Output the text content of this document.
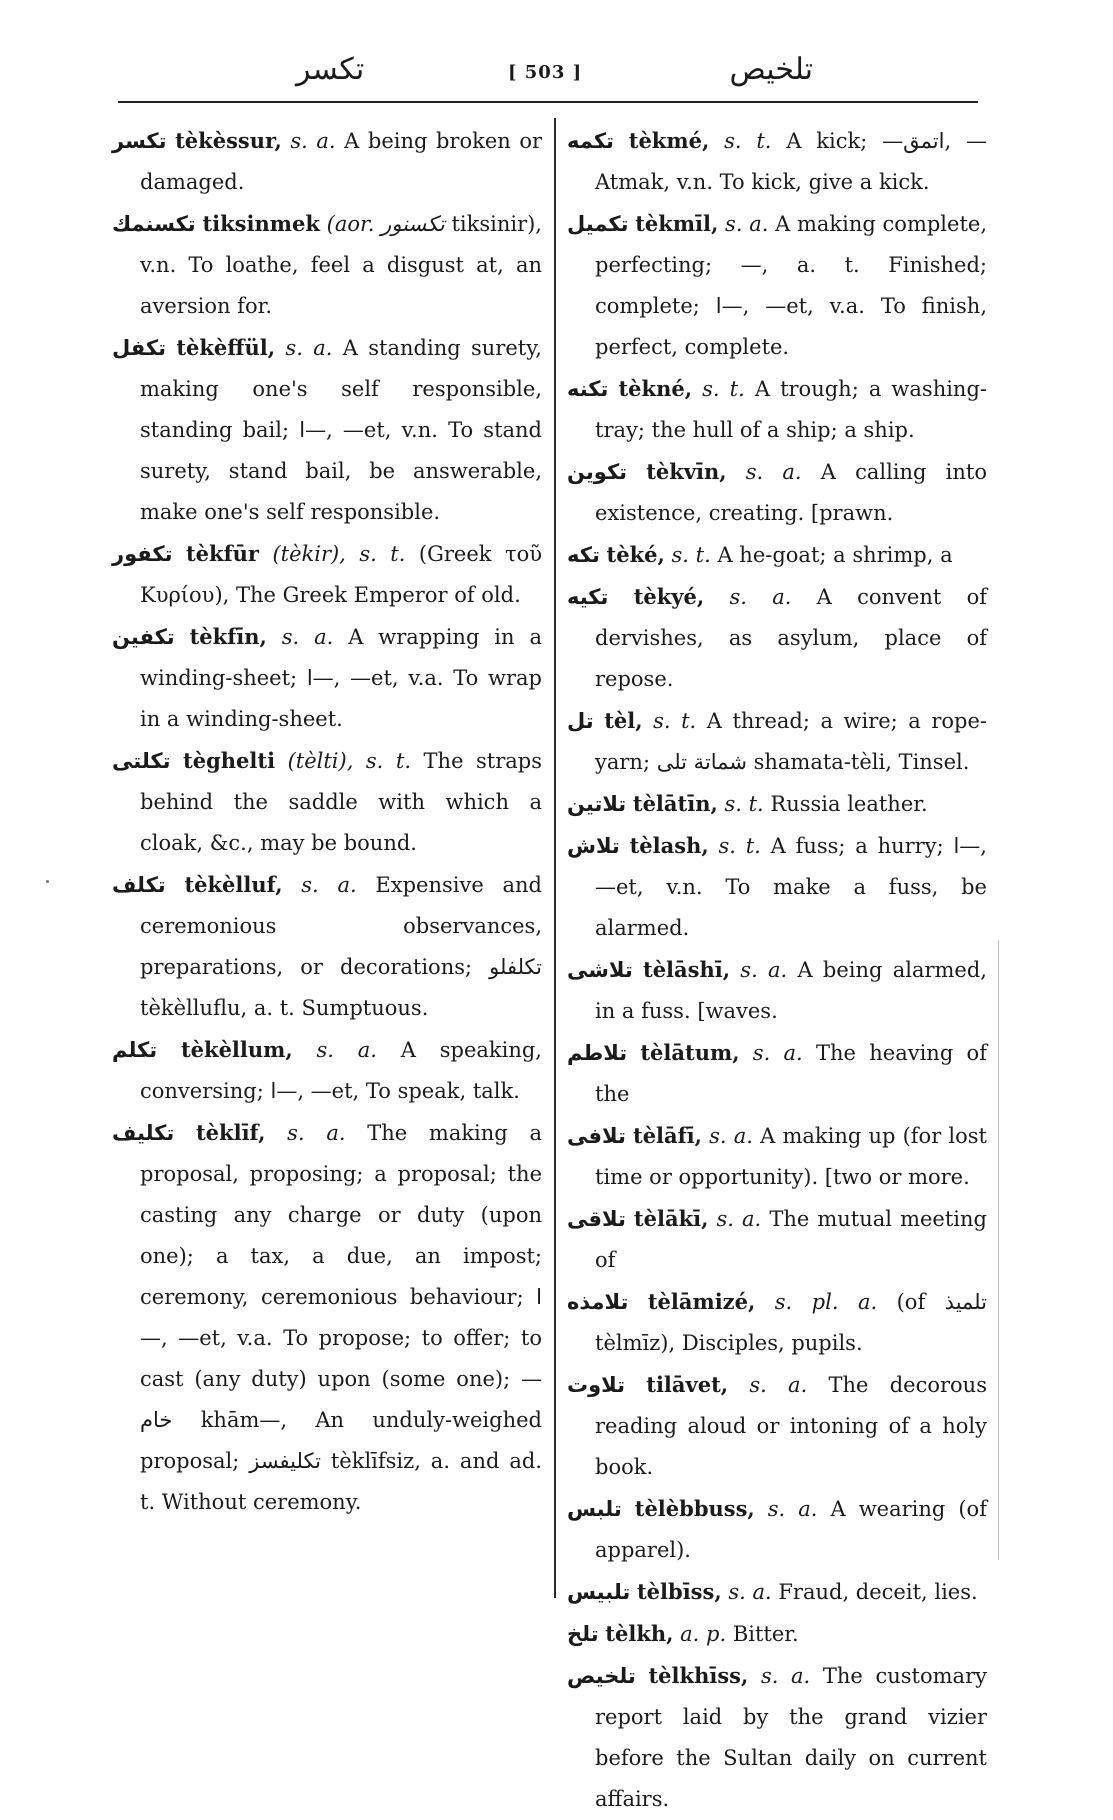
تكسر	[ 503 ]	تلخيص

تكسر tèkèssur, s. a. A being broken or damaged.

تكسنمك tiksinmek (aor. تكسنور tiksinir), v.n. To loathe, feel a disgust at, an aversion for.

تكفل tèkèffül, s. a. A standing surety, making one's self responsible, standing bail; ا—, —et, v.n. To stand surety, stand bail, be answerable, make one's self responsible.

تكفور tèkfūr (tèkir), s. t. (Greek τοῦ Κυρίου), The Greek Emperor of old.

تكفين tèkfīn, s. a. A wrapping in a winding-sheet; ا—, —et, v.a. To wrap in a winding-sheet.

تكلتى tèghelti (tèlti), s. t. The straps behind the saddle with which a cloak, &c., may be bound.

تكلف tèkèlluf, s. a. Expensive and ceremonious observances, preparations, or decorations; تكلفلو tèkèlluflu, a. t. Sumptuous.

تكلم tèkèllum, s. a. A speaking, conversing; ا—, —et, To speak, talk.

تكليف tèklīf, s. a. The making a proposal, proposing; a proposal; the casting any charge or duty (upon one); a tax, a due, an impost; ceremony, ceremonious behaviour; ا—, —et, v.a. To propose; to offer; to cast (any duty) upon (some one); —خام khām—, An unduly-weighed proposal; تكليفسز tèklīfsiz, a. and ad. t. Without ceremony.

تكمه tèkmé, s. t. A kick; —اتمق, —Atmak, v.n. To kick, give a kick.

تكميل tèkmīl, s. a. A making complete, perfecting; —, a. t. Finished; complete; ا—, —et, v.a. To finish, perfect, complete.

تكنه tèkné, s. t. A trough; a washing-tray; the hull of a ship; a ship.

تكوين tèkvīn, s. a. A calling into existence, creating. [prawn.

تكه tèké, s. t. A he-goat; a shrimp, a

تكيه tèkyé, s. a. A convent of dervishes, as asylum, place of repose.

تل tèl, s. t. A thread; a wire; a rope-yarn; شماتة تلى shamata-tèli, Tinsel.

تلاتين tèlātīn, s. t. Russia leather.

تلاش tèlash, s. t. A fuss; a hurry; ا—, —et, v.n. To make a fuss, be alarmed.

تلاشى tèlāshī, s. a. A being alarmed, in a fuss. [waves.

تلاطم tèlātum, s. a. The heaving of the

تلافى tèlāfī, s. a. A making up (for lost time or opportunity). [two or more.

تلاقى tèlākī, s. a. The mutual meeting of

تلامذه tèlāmizé, s. pl. a. (of تلميذ tèlmīz), Disciples, pupils.

تلاوت tilāvet, s. a. The decorous reading aloud or intoning of a holy book.

تلبس tèlèbbuss, s. a. A wearing (of apparel).

تلبيس tèlbīss, s. a. Fraud, deceit, lies.

تلخ tèlkh, a. p. Bitter.

تلخيص tèlkhīss, s. a. The customary report laid by the grand vizier before the Sultan daily on current affairs.
